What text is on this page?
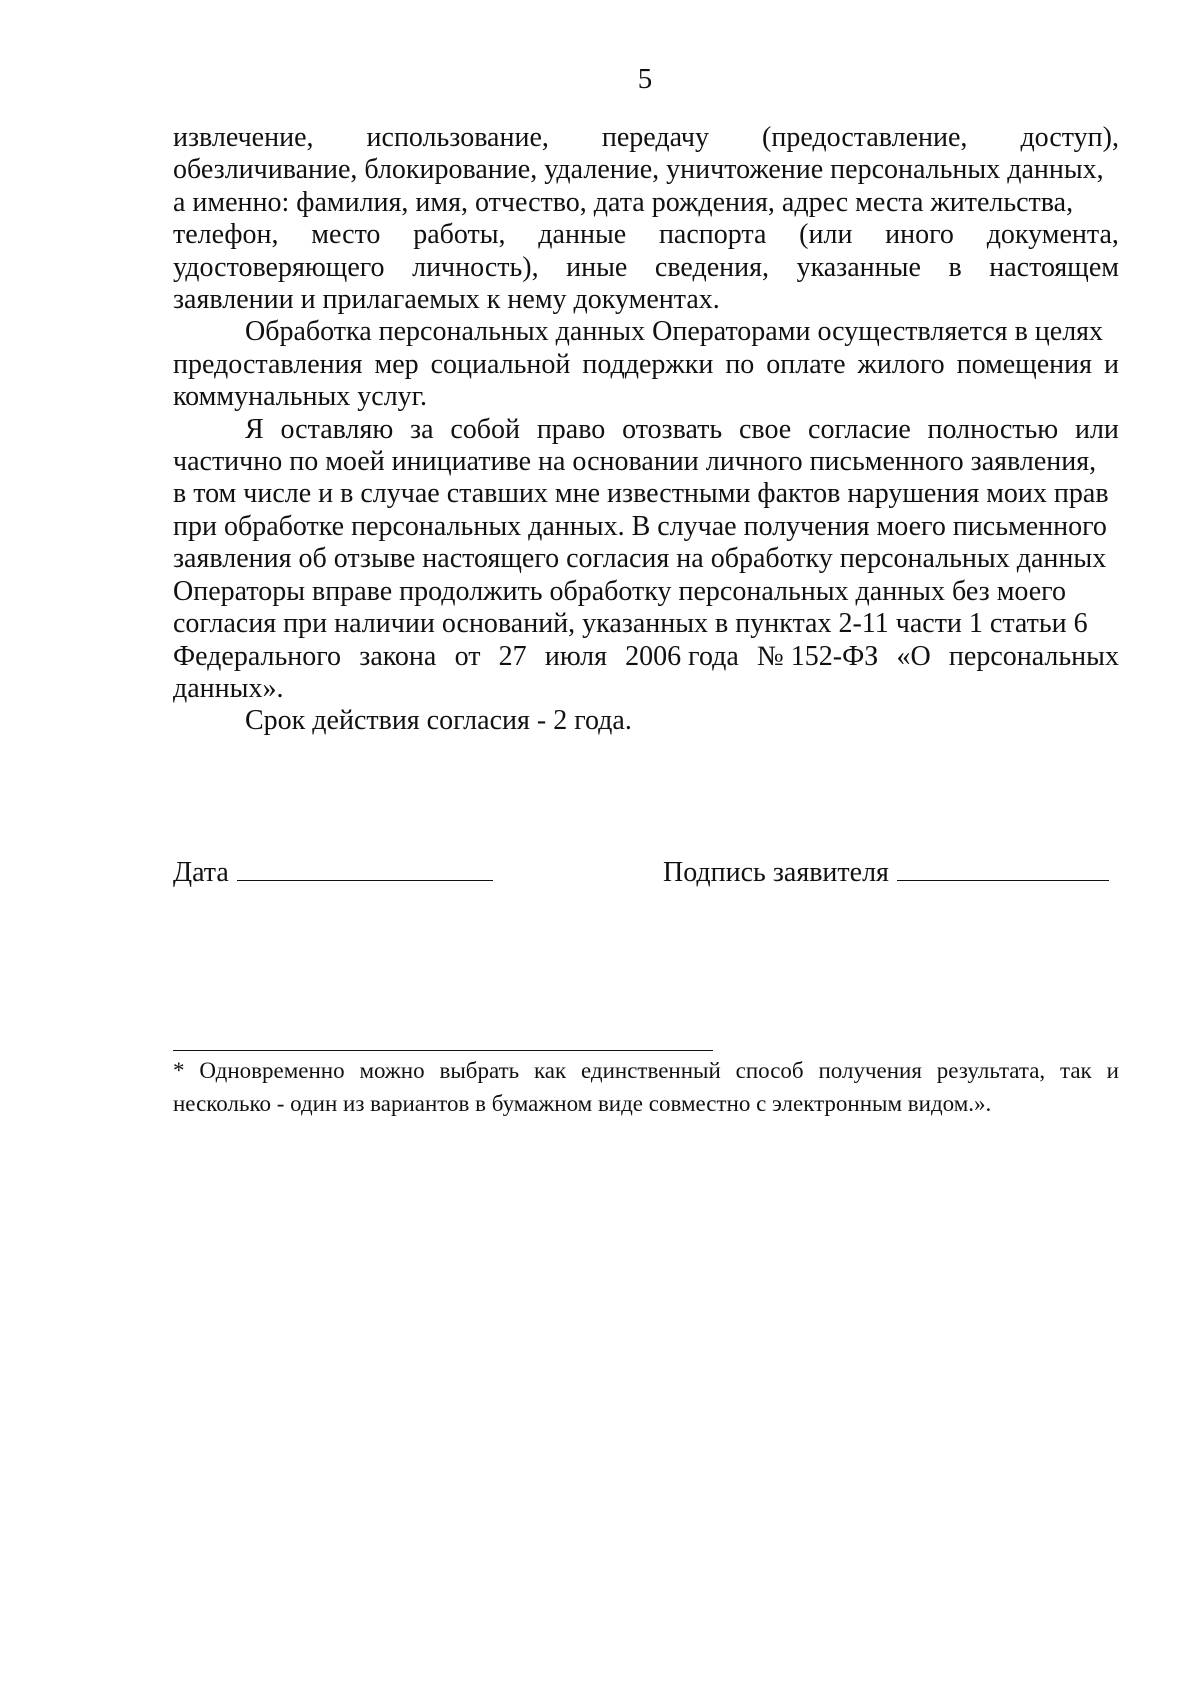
5
извлечение, использование, передачу (предоставление, доступ),
обезличивание, блокирование, удаление, уничтожение персональных данных,
а именно: фамилия, имя, отчество, дата рождения, адрес места жительства,
телефон, место работы, данные паспорта (или иного документа,
удостоверяющего личность), иные сведения, указанные в настоящем
заявлении и прилагаемых к нему документах.
Обработка персональных данных Операторами осуществляется в целях
предоставления мер социальной поддержки по оплате жилого помещения и
коммунальных услуг.
Я оставляю за собой право отозвать свое согласие полностью или
частично по моей инициативе на основании личного письменного заявления,
в том числе и в случае ставших мне известными фактов нарушения моих прав
при обработке персональных данных. В случае получения моего письменного
заявления об отзыве настоящего согласия на обработку персональных данных
Операторы вправе продолжить обработку персональных данных без моего
согласия при наличии оснований, указанных в пунктах 2-11 части 1 статьи 6
Федерального закона от 27 июля 2006 года № 152-ФЗ «О персональных
данных».
Срок действия согласия - 2 года.
Дата	Подпись заявителя
* Одновременно можно выбрать как единственный способ получения результата, так и
несколько - один из вариантов в бумажном виде совместно с электронным видом.».
